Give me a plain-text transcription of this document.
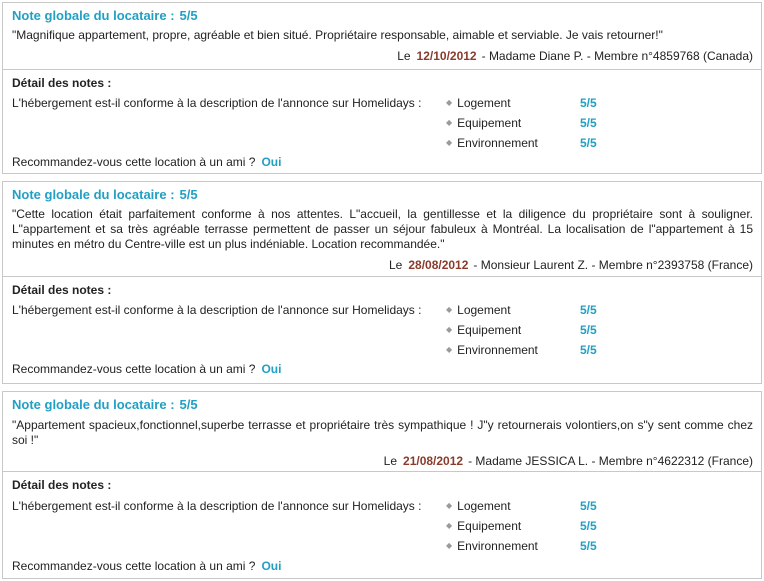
Note globale du locataire : 5/5
"Magnifique appartement, propre, agréable et bien situé. Propriétaire responsable, aimable et serviable. Je vais retourner!"
Le 12/10/2012 - Madame Diane P. - Membre n°4859768 (Canada)
Détail des notes :
L'hébergement est-il conforme à la description de l'annonce sur Homelidays :	◆ Logement	5/5
◆ Equipement	5/5
◆ Environnement	5/5
Recommandez-vous cette location à un ami ? Oui
Note globale du locataire : 5/5
"Cette location était parfaitement conforme à nos attentes. L"accueil, la gentillesse et la diligence du propriétaire sont à souligner. L"appartement et sa très agréable terrasse permettent de passer un séjour fabuleux à Montréal. La localisation de l"appartement à 15 minutes en métro du Centre-ville est un plus indéniable. Location recommandée."
Le 28/08/2012 - Monsieur Laurent Z. - Membre n°2393758 (France)
Détail des notes :
L'hébergement est-il conforme à la description de l'annonce sur Homelidays :	◆ Logement	5/5
◆ Equipement	5/5
◆ Environnement	5/5
Recommandez-vous cette location à un ami ? Oui
Note globale du locataire : 5/5
"Appartement spacieux,fonctionnel,superbe terrasse et propriétaire très sympathique ! J"y retournerais volontiers,on s"y sent comme chez soi !"
Le 21/08/2012 - Madame JESSICA L. - Membre n°4622312 (France)
Détail des notes :
L'hébergement est-il conforme à la description de l'annonce sur Homelidays :	◆ Logement	5/5
◆ Equipement	5/5
◆ Environnement	5/5
Recommandez-vous cette location à un ami ? Oui
